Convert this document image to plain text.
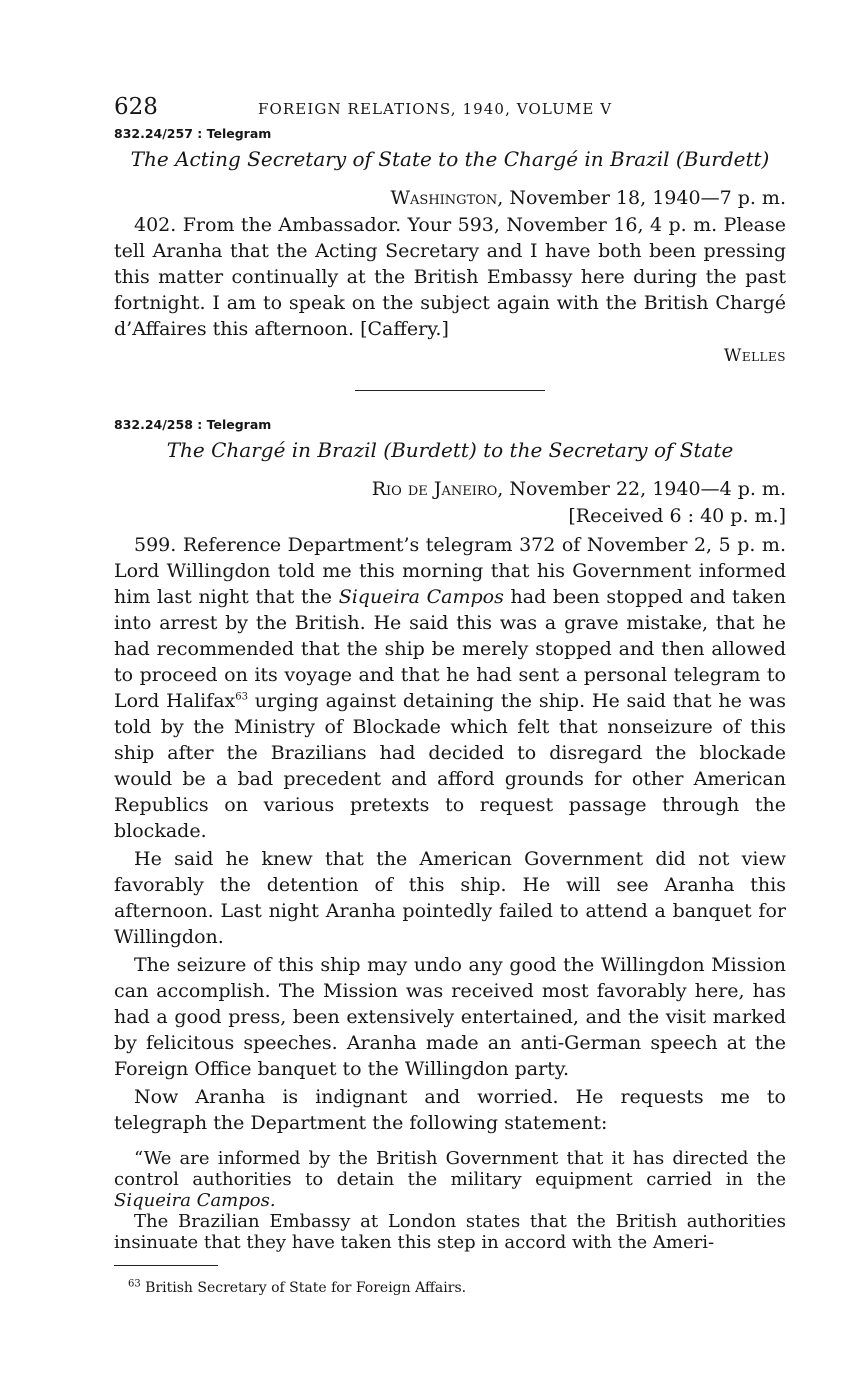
628	FOREIGN RELATIONS, 1940, VOLUME V

832.24/257 : Telegram

The Acting Secretary of State to the Chargé in Brazil (Burdett)

Washington, November 18, 1940—7 p. m.

402. From the Ambassador. Your 593, November 16, 4 p. m. Please tell Aranha that the Acting Secretary and I have both been pressing this matter continually at the British Embassy here during the past fortnight. I am to speak on the subject again with the British Chargé d’Affaires this afternoon. [Caffery.]

Welles

832.24/258 : Telegram

The Chargé in Brazil (Burdett) to the Secretary of State

Rio de Janeiro, November 22, 1940—4 p. m.

[Received 6 : 40 p. m.]

599. Reference Department’s telegram 372 of November 2, 5 p. m. Lord Willingdon told me this morning that his Government informed him last night that the Siqueira Campos had been stopped and taken into arrest by the British. He said this was a grave mistake, that he had recommended that the ship be merely stopped and then allowed to proceed on its voyage and that he had sent a personal telegram to Lord Halifax$^{63}$ urging against detaining the ship. He said that he was told by the Ministry of Blockade which felt that nonseizure of this ship after the Brazilians had decided to disregard the blockade would be a bad precedent and afford grounds for other American Republics on various pretexts to request passage through the blockade.

He said he knew that the American Government did not view favorably the detention of this ship. He will see Aranha this afternoon. Last night Aranha pointedly failed to attend a banquet for Willingdon.

The seizure of this ship may undo any good the Willingdon Mission can accomplish. The Mission was received most favorably here, has had a good press, been extensively entertained, and the visit marked by felicitous speeches. Aranha made an anti-German speech at the Foreign Office banquet to the Willingdon party.

Now Aranha is indignant and worried. He requests me to telegraph the Department the following statement:

“We are informed by the British Government that it has directed the control authorities to detain the military equipment carried in the Siqueira Campos.

The Brazilian Embassy at London states that the British authorities insinuate that they have taken this step in accord with the Ameri-

$^{63}$ British Secretary of State for Foreign Affairs.
